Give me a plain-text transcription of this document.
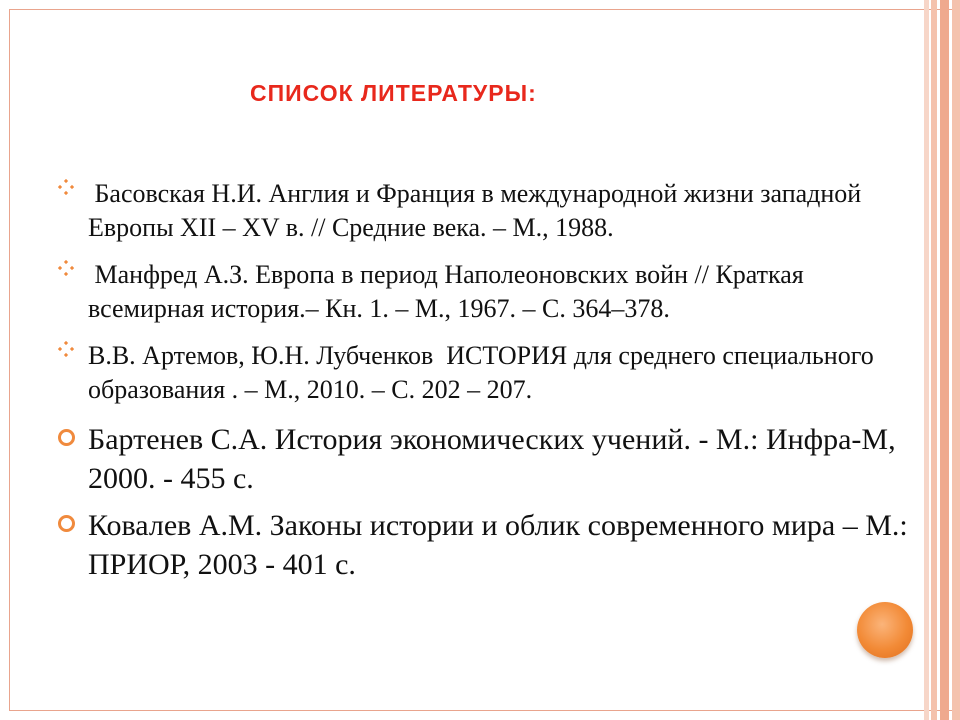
СПИСОК ЛИТЕРАТУРЫ:
Басовская Н.И. Англия и Франция в международной жизни западной Европы XII – XV в. // Средние века. – М., 1988.
Манфред А.З. Европа в период Наполеоновских войн // Краткая всемирная история.– Кн. 1. – М., 1967. – С. 364–378.
В.В. Артемов, Ю.Н. Лубченков  ИСТОРИЯ для среднего специального образования . – М., 2010. – С. 202 – 207.
Бартенев С.А. История экономических учений. - М.: Инфра-М, 2000. - 455 с.
Ковалев А.М. Законы истории и облик современного мира – М.: ПРИОР, 2003 - 401 с.
